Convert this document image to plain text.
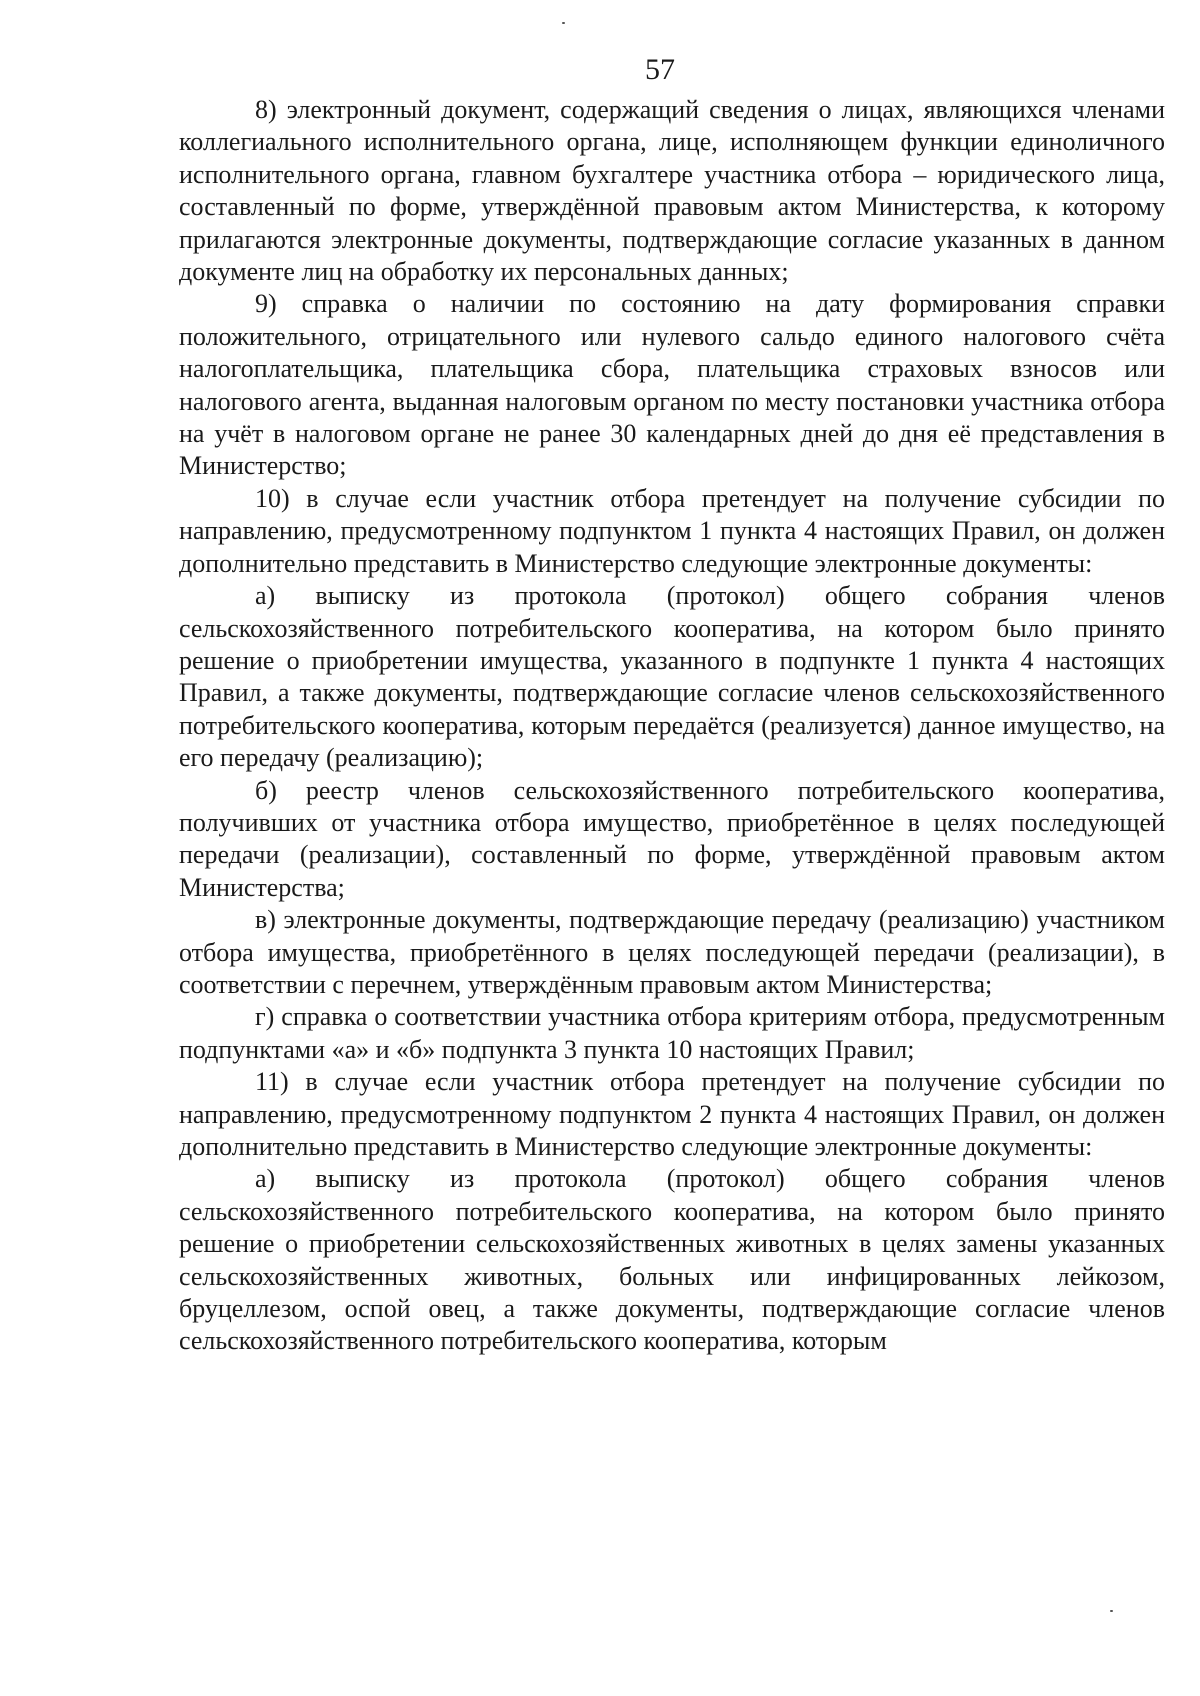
57

8) электронный документ, содержащий сведения о лицах, являющихся членами коллегиального исполнительного органа, лице, исполняющем функции единоличного исполнительного органа, главном бухгалтере участника отбора – юридического лица, составленный по форме, утверждённой правовым актом Министерства, к которому прилагаются электронные документы, подтверждающие согласие указанных в данном документе лиц на обработку их персональных данных;

9) справка о наличии по состоянию на дату формирования справки положительного, отрицательного или нулевого сальдо единого налогового счёта налогоплательщика, плательщика сбора, плательщика страховых взносов или налогового агента, выданная налоговым органом по месту постановки участника отбора на учёт в налоговом органе не ранее 30 календарных дней до дня её представления в Министерство;

10) в случае если участник отбора претендует на получение субсидии по направлению, предусмотренному подпунктом 1 пункта 4 настоящих Правил, он должен дополнительно представить в Министерство следующие электронные документы:

а) выписку из протокола (протокол) общего собрания членов сельскохозяйственного потребительского кооператива, на котором было принято решение о приобретении имущества, указанного в подпункте 1 пункта 4 настоящих Правил, а также документы, подтверждающие согласие членов сельскохозяйственного потребительского кооператива, которым передаётся (реализуется) данное имущество, на его передачу (реализацию);

б) реестр членов сельскохозяйственного потребительского кооператива, получивших от участника отбора имущество, приобретённое в целях последующей передачи (реализации), составленный по форме, утверждённой правовым актом Министерства;

в) электронные документы, подтверждающие передачу (реализацию) участником отбора имущества, приобретённого в целях последующей передачи (реализации), в соответствии с перечнем, утверждённым правовым актом Министерства;

г) справка о соответствии участника отбора критериям отбора, предусмотренным подпунктами «а» и «б» подпункта 3 пункта 10 настоящих Правил;

11) в случае если участник отбора претендует на получение субсидии по направлению, предусмотренному подпунктом 2 пункта 4 настоящих Правил, он должен дополнительно представить в Министерство следующие электронные документы:

а) выписку из протокола (протокол) общего собрания членов сельскохозяйственного потребительского кооператива, на котором было принято решение о приобретении сельскохозяйственных животных в целях замены указанных сельскохозяйственных животных, больных или инфицированных лейкозом, бруцеллезом, оспой овец, а также документы, подтверждающие согласие членов сельскохозяйственного потребительского кооператива, которым
